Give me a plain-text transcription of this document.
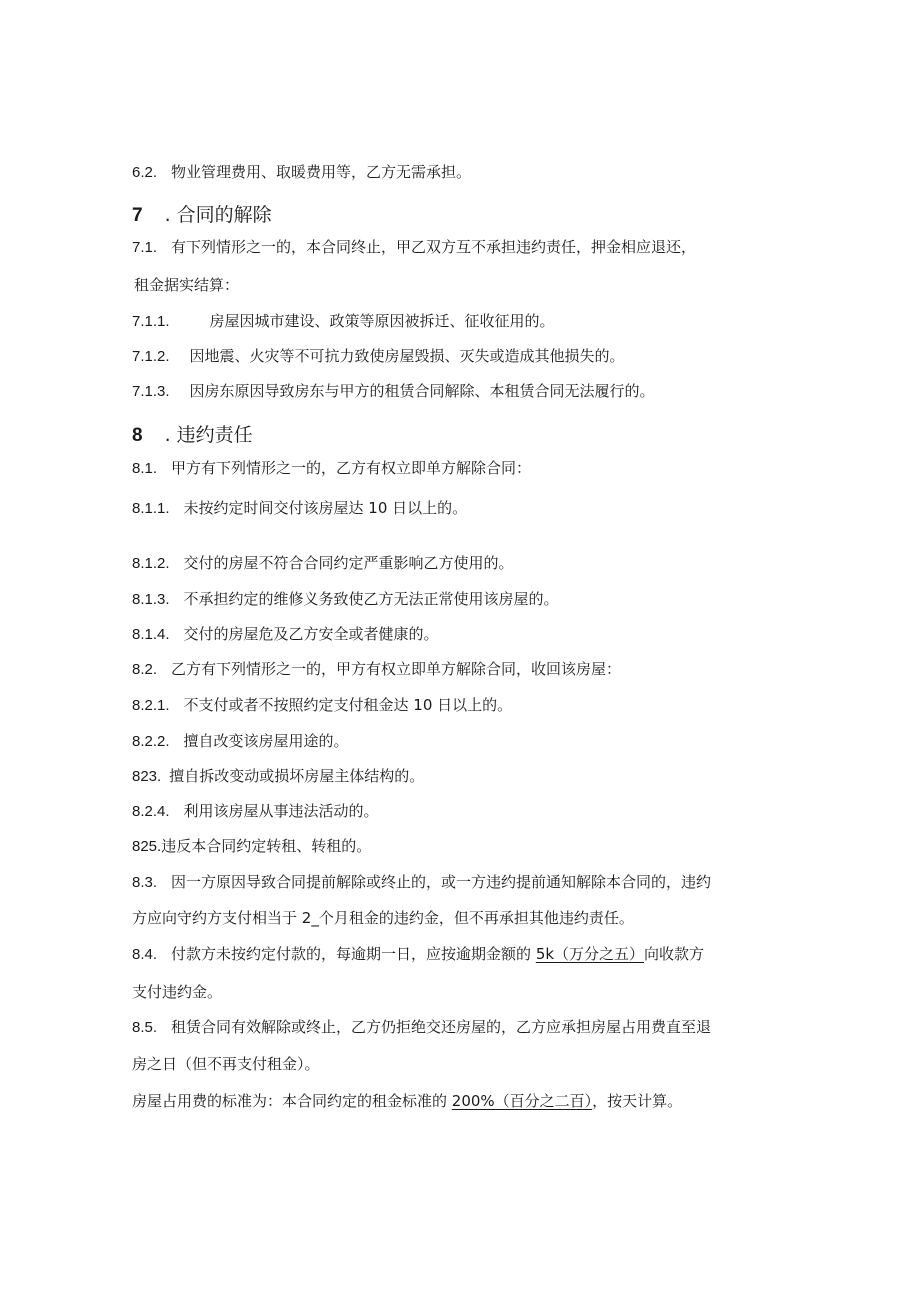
6.2. 物业管理费用、取暖费用等，乙方无需承担。
7 . 合同的解除
7.1. 有下列情形之一的，本合同终止，甲乙双方互不承担违约责任，押金相应退还，
租金据实结算：
7.1.1.	房屋因城市建设、政策等原因被拆迁、征收征用的。
7.1.2. 因地震、火灾等不可抗力致使房屋毁损、灭失或造成其他损失的。
7.1.3. 因房东原因导致房东与甲方的租赁合同解除、本租赁合同无法履行的。
8 . 违约责任
8.1. 甲方有下列情形之一的，乙方有权立即单方解除合同：
8.1.1. 未按约定时间交付该房屋达 10 日以上的。
8.1.2. 交付的房屋不符合合同约定严重影响乙方使用的。
8.1.3. 不承担约定的维修义务致使乙方无法正常使用该房屋的。
8.1.4. 交付的房屋危及乙方安全或者健康的。
8.2. 乙方有下列情形之一的，甲方有权立即单方解除合同，收回该房屋：
8.2.1. 不支付或者不按照约定支付租金达 10 日以上的。
8.2.2. 擅自改变该房屋用途的。
823. 擅自拆改变动或损坏房屋主体结构的。
8.2.4. 利用该房屋从事违法活动的。
825.违反本合同约定转租、转租的。
8.3. 因一方原因导致合同提前解除或终止的，或一方违约提前通知解除本合同的，违约
方应向守约方支付相当于 2_个月租金的违约金，但不再承担其他违约责任。
8.4. 付款方未按约定付款的，每逾期一日，应按逾期金额的 5k（万分之五）向收款方
支付违约金。
8.5. 租赁合同有效解除或终止，乙方仍拒绝交还房屋的，乙方应承担房屋占用费直至退
房之日（但不再支付租金）。
房屋占用费的标准为：本合同约定的租金标准的 200%（百分之二百），按天计算。
